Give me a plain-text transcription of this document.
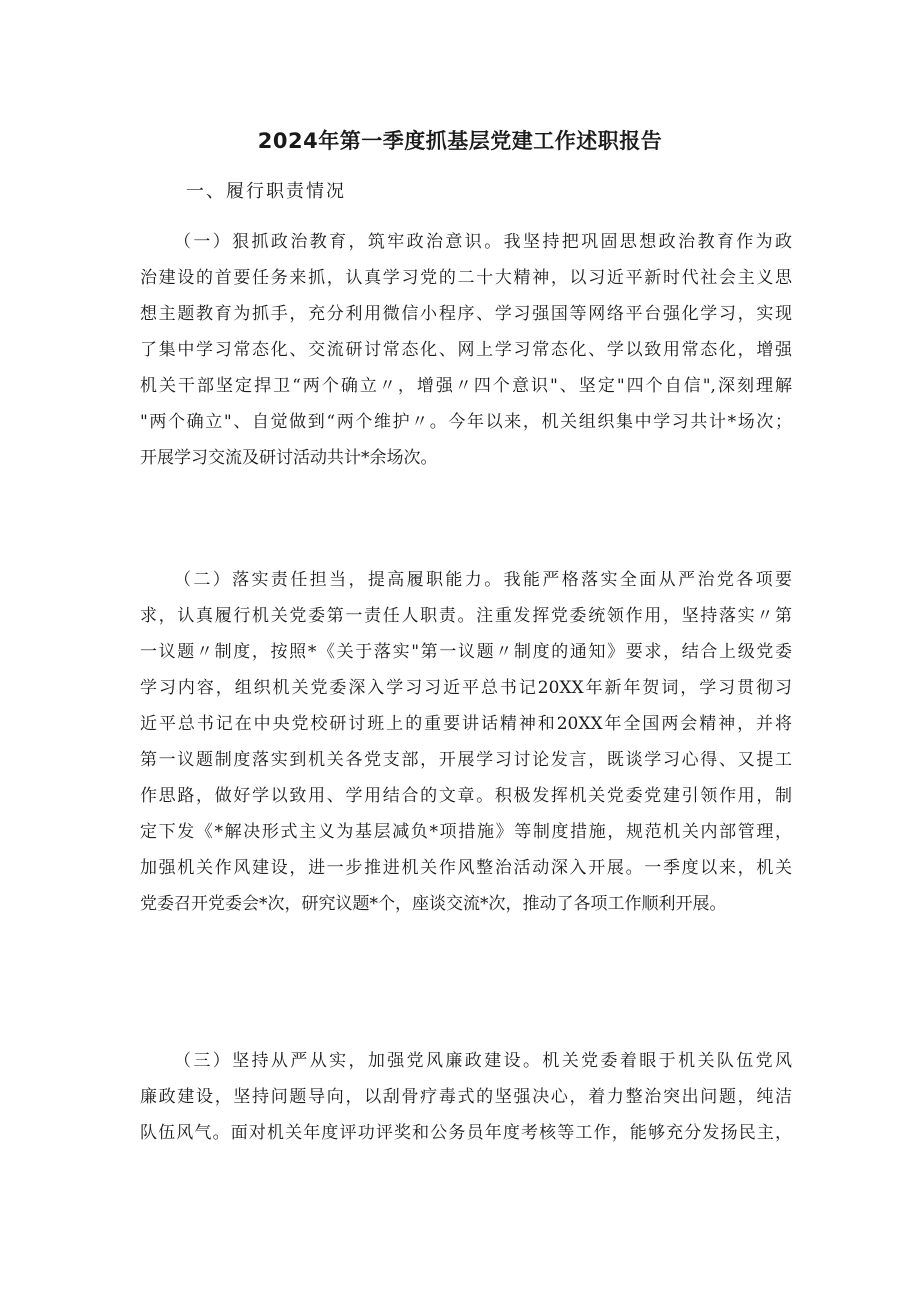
2024年第一季度抓基层党建工作述职报告
一、履行职责情况
（一）狠抓政治教育，筑牢政治意识。我坚持把巩固思想政治教育作为政
治建设的首要任务来抓，认真学习党的二十大精神，以习近平新时代社会主义思
想主题教育为抓手，充分利用微信小程序、学习强国等网络平台强化学习，实现
了集中学习常态化、交流研讨常态化、网上学习常态化、学以致用常态化，增强
机关干部坚定捍卫“两个确立〃，增强〃四个意识"、坚定"四个自信",深刻理解
"两个确立"、自觉做到“两个维护〃。今年以来，机关组织集中学习共计*场次；
开展学习交流及研讨活动共计*余场次。
（二）落实责任担当，提高履职能力。我能严格落实全面从严治党各项要
求，认真履行机关党委第一责任人职责。注重发挥党委统领作用，坚持落实〃第
一议题〃制度，按照*《关于落实"第一议题〃制度的通知》要求，结合上级党委
学习内容，组织机关党委深入学习习近平总书记20XX年新年贺词，学习贯彻习
近平总书记在中央党校研讨班上的重要讲话精神和20XX年全国两会精神，并将
第一议题制度落实到机关各党支部，开展学习讨论发言，既谈学习心得、又提工
作思路，做好学以致用、学用结合的文章。积极发挥机关党委党建引领作用，制
定下发《*解决形式主义为基层减负*项措施》等制度措施，规范机关内部管理，
加强机关作风建设，进一步推进机关作风整治活动深入开展。一季度以来，机关
党委召开党委会*次，研究议题*个，座谈交流*次，推动了各项工作顺利开展。
（三）坚持从严从实，加强党风廉政建设。机关党委着眼于机关队伍党风
廉政建设，坚持问题导向，以刮骨疗毒式的坚强决心，着力整治突出问题，纯洁
队伍风气。面对机关年度评功评奖和公务员年度考核等工作，能够充分发扬民主，
